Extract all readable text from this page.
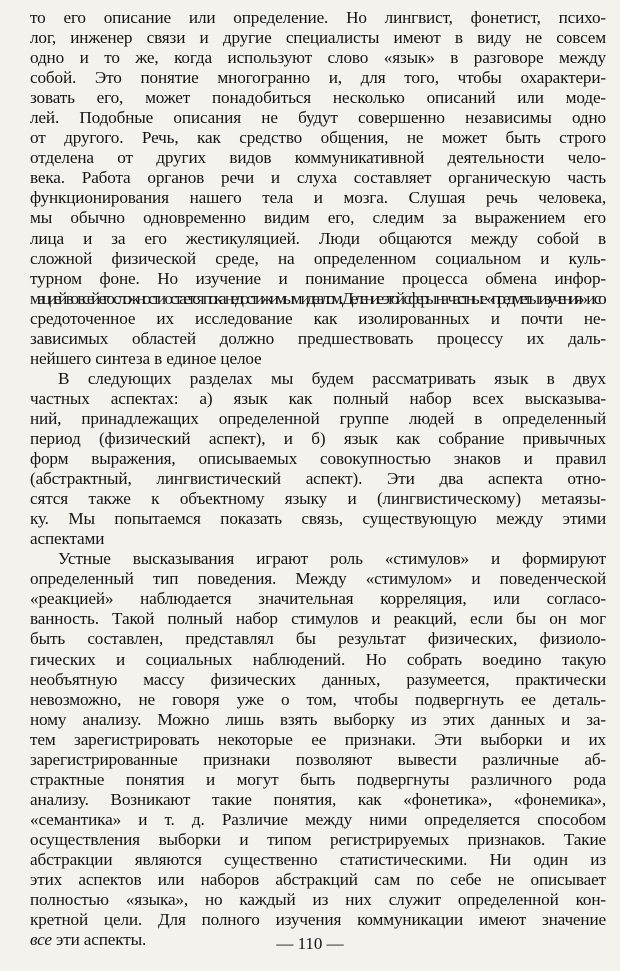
то его описание или определение. Но лингвист, фонетист, психо-
лог, инженер связи и другие специалисты имеют в виду не совсем
одно и то же, когда используют слово «язык» в разговоре между
собой. Это понятие многогранно и, для того, чтобы охарактери-
зовать его, может понадобиться несколько описаний или моде-
лей. Подобные описания не будут совершенно независимы одно
от другого. Речь, как средство общения, не может быть строго
отделена от других видов коммуникативной деятельности чело-
века. Работа органов речи и слуха составляет органическую часть
функционирования нашего тела и мозга. Слушая речь человека,
мы обычно одновременно видим его, следим за выражением его
лица и за его жестикуляцией. Люди общаются между собой в
сложной физической среде, на определенном социальном и куль-
турном фоне. Но изучение и понимание процесса обмена инфор-
мацией во всей его сложности остается пока недостижимым идеалом. Деление этой сферы на частные «предметы изучения» и со-
средоточенное их исследование как изолированных и почти не-
зависимых областей должно предшествовать процессу их даль-
нейшего синтеза в единое целое
В следующих разделах мы будем рассматривать язык в двух
частных аспектах: а) язык как полный набор всех высказыва-
ний, принадлежащих определенной группе людей в определенный
период (физический аспект), и б) язык как собрание привычных
форм выражения, описываемых совокупностью знаков и правил
(абстрактный, лингвистический аспект). Эти два аспекта отно-
сятся также к объектному языку и (лингвистическому) метаязы-
ку. Мы попытаемся показать связь, существующую между этими
аспектами
Устные высказывания играют роль «стимулов» и формируют
определенный тип поведения. Между «стимулом» и поведенческой
«реакцией» наблюдается значительная корреляция, или согласо-
ванность. Такой полный набор стимулов и реакций, если бы он мог
быть составлен, представлял бы результат физических, физиоло-
гических и социальных наблюдений. Но собрать воедино такую
необъятную массу физических данных, разумеется, практически
невозможно, не говоря уже о том, чтобы подвергнуть ее деталь-
ному анализу. Можно лишь взять выборку из этих данных и за-
тем зарегистрировать некоторые ее признаки. Эти выборки и их
зарегистрированные признаки позволяют вывести различные аб-
страктные понятия и могут быть подвергнуты различного рода
анализу. Возникают такие понятия, как «фонетика», «фонемика»,
«семантика» и т. д. Различие между ними определяется способом
осуществления выборки и типом регистрируемых признаков. Такие
абстракции являются существенно статистическими. Ни один из
этих аспектов или наборов абстракций сам по себе не описывает
полностью «языка», но каждый из них служит определенной кон-
кретной цели. Для полного изучения коммуникации имеют значение
все эти аспекты.	— 110 —
